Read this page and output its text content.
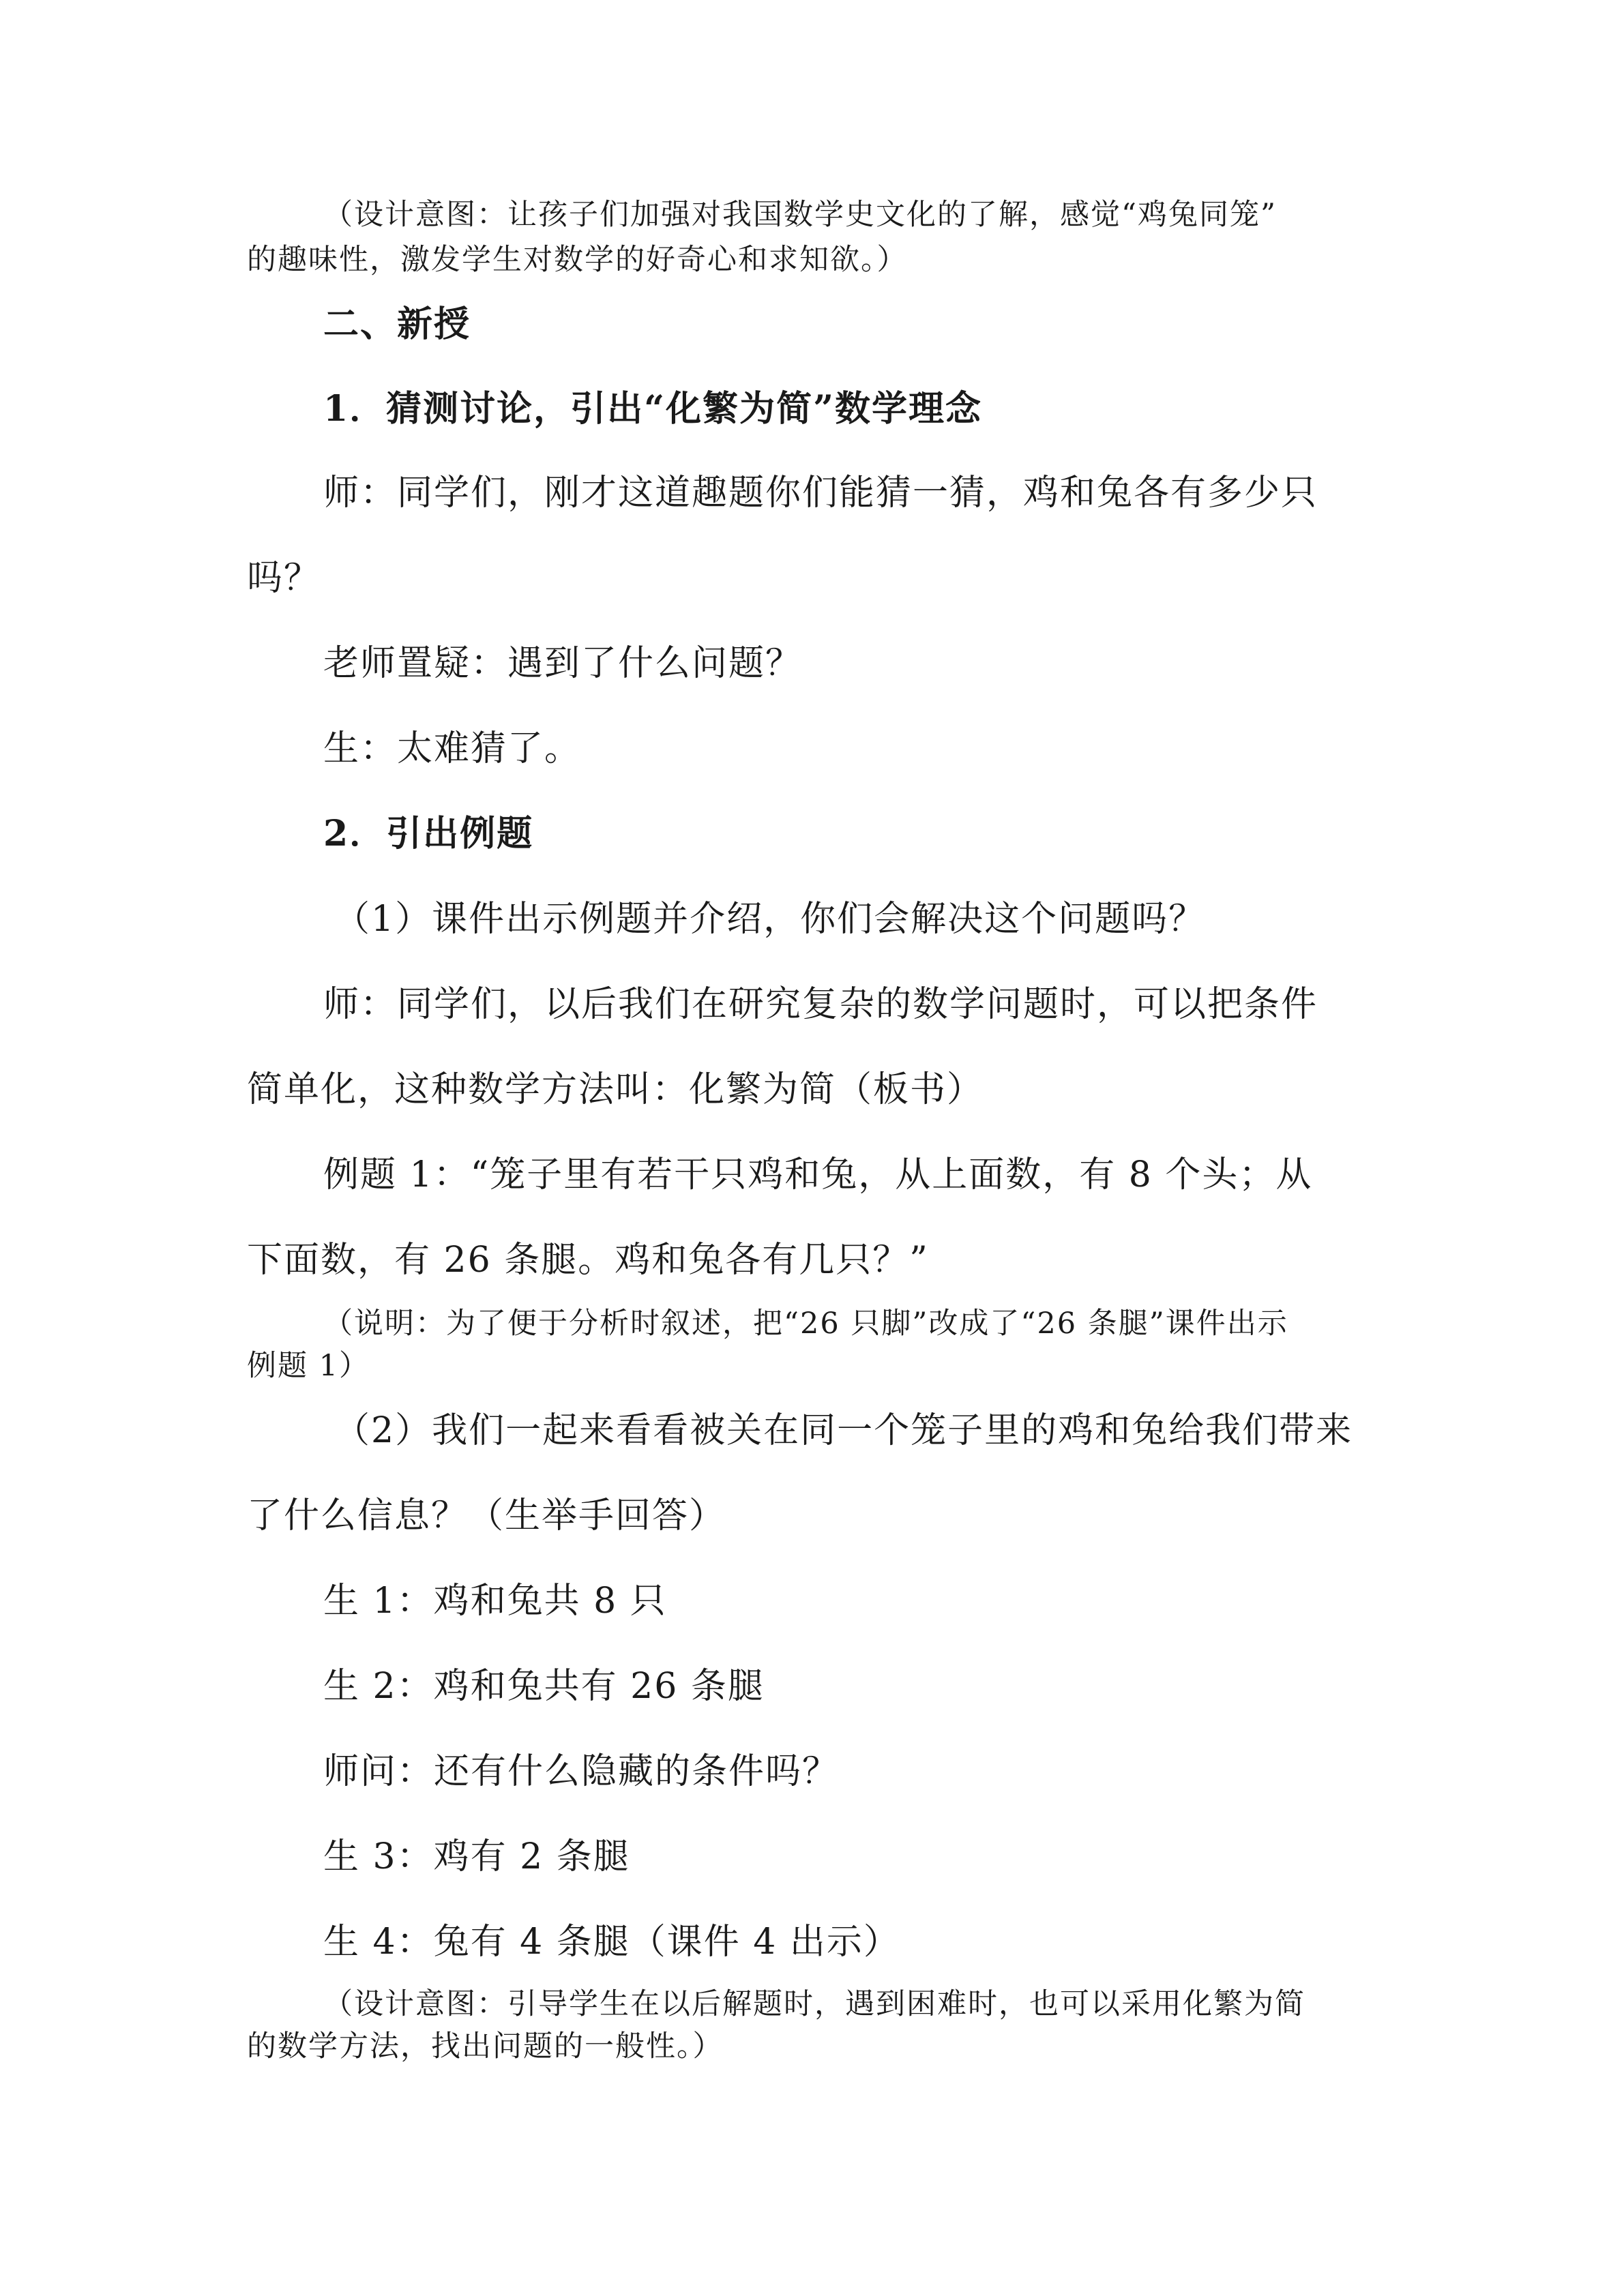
（设计意图：让孩子们加强对我国数学史文化的了解，感觉“鸡兔同笼”
的趣味性，激发学生对数学的好奇心和求知欲。）
二、新授
1．猜测讨论，引出“化繁为简”数学理念
师：同学们，刚才这道趣题你们能猜一猜，鸡和兔各有多少只
吗？
老师置疑：遇到了什么问题？
生：太难猜了。
2．引出例题
（1）课件出示例题并介绍，你们会解决这个问题吗？
师：同学们，以后我们在研究复杂的数学问题时，可以把条件
简单化，这种数学方法叫：化繁为简（板书）
例题 1：“笼子里有若干只鸡和兔，从上面数，有 8 个头；从
下面数，有 26 条腿。鸡和兔各有几只？”
（说明：为了便于分析时叙述，把“26 只脚”改成了“26 条腿”课件出示
例题 1）
（2）我们一起来看看被关在同一个笼子里的鸡和兔给我们带来
了什么信息？（生举手回答）
生 1：鸡和兔共 8 只
生 2：鸡和兔共有 26 条腿
师问：还有什么隐藏的条件吗？
生 3：鸡有 2 条腿
生 4：兔有 4 条腿（课件 4 出示）
（设计意图：引导学生在以后解题时，遇到困难时，也可以采用化繁为简
的数学方法，找出问题的一般性。）
